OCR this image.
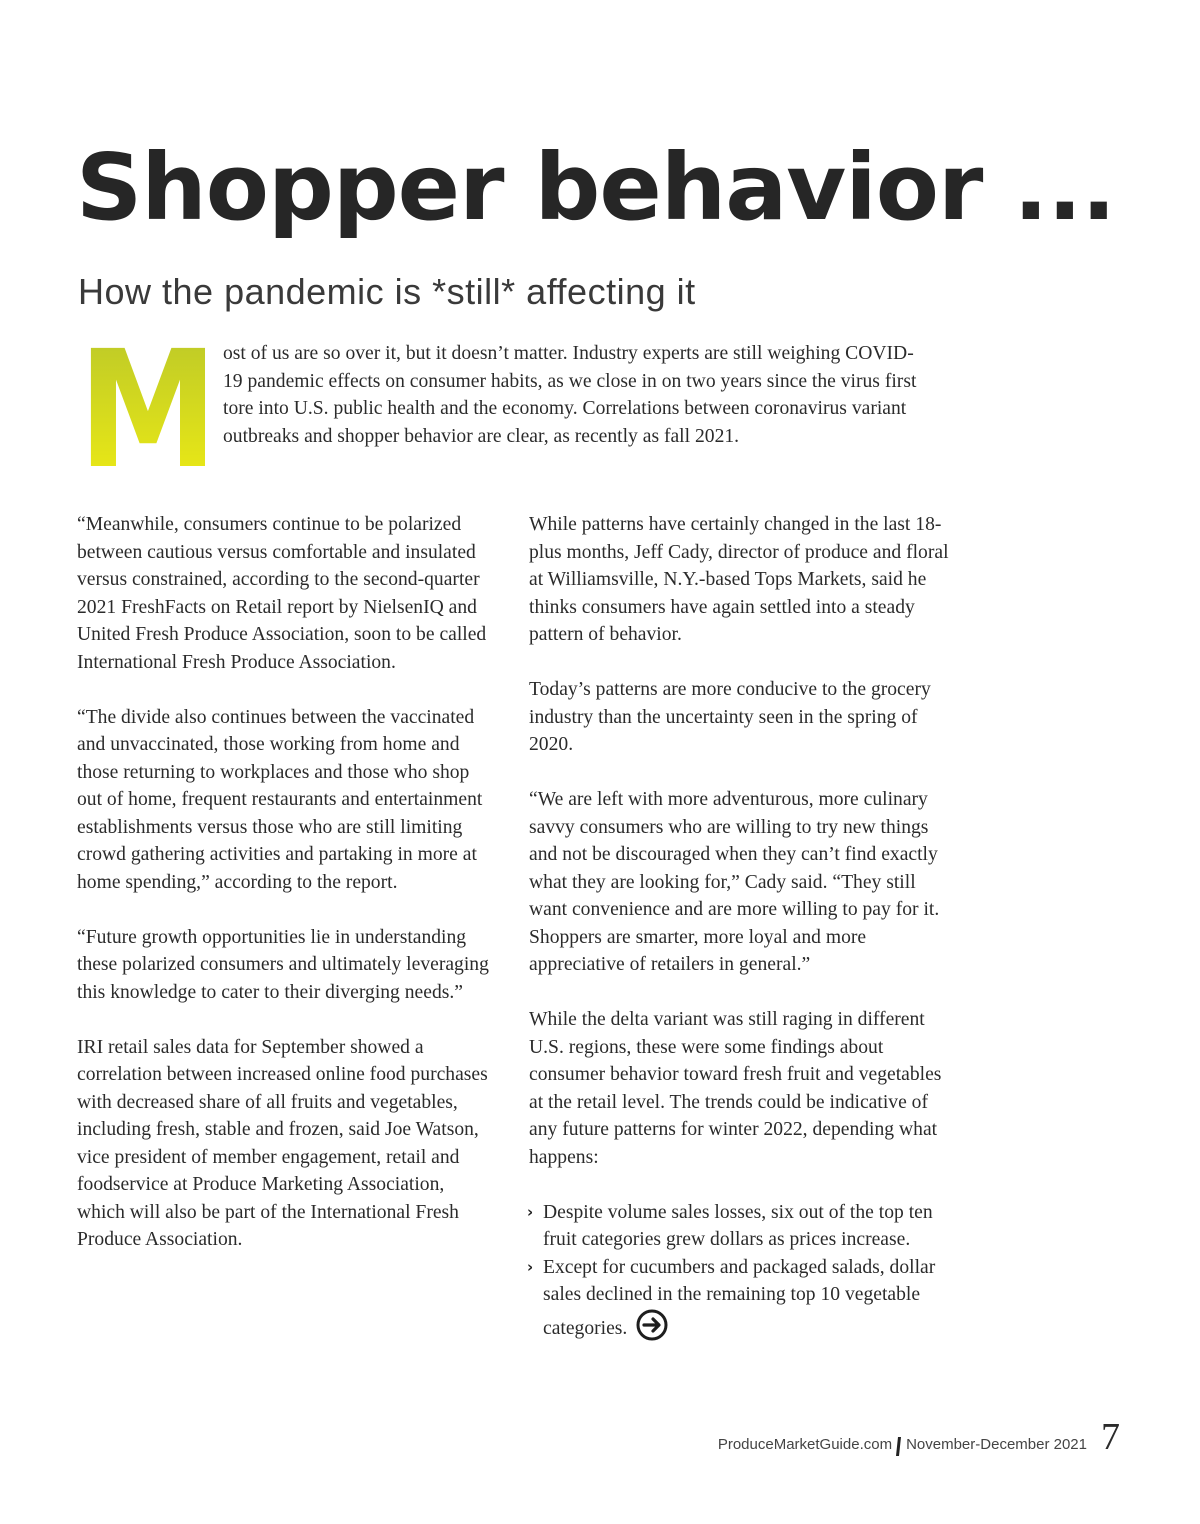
Shopper behavior ...
How the pandemic is *still* affecting it
M ost of us are so over it, but it doesn’t matter. Industry experts are still weighing COVID-19 pandemic effects on consumer habits, as we close in on two years since the virus first tore into U.S. public health and the economy. Correlations between coronavirus variant outbreaks and shopper behavior are clear, as recently as fall 2021.

“Meanwhile, consumers continue to be polarized between cautious versus comfortable and insulated versus constrained, according to the second-quarter 2021 FreshFacts on Retail report by NielsenIQ and United Fresh Produce Association, soon to be called International Fresh Produce Association.

“The divide also continues between the vaccinated and unvaccinated, those working from home and those returning to workplaces and those who shop out of home, frequent restaurants and entertainment establishments versus those who are still limiting crowd gathering activities and partaking in more at home spending,” according to the report.

“Future growth opportunities lie in understanding these polarized consumers and ultimately leveraging this knowledge to cater to their diverging needs.”

IRI retail sales data for September showed a correlation between increased online food purchases with decreased share of all fruits and vegetables, including fresh, stable and frozen, said Joe Watson, vice president of member engagement, retail and foodservice at Produce Marketing Association, which will also be part of the International Fresh Produce Association.

While patterns have certainly changed in the last 18-plus months, Jeff Cady, director of produce and floral at Williamsville, N.Y.-based Tops Markets, said he thinks consumers have again settled into a steady pattern of behavior.

Today’s patterns are more conducive to the grocery industry than the uncertainty seen in the spring of 2020.

“We are left with more adventurous, more culinary savvy consumers who are willing to try new things and not be discouraged when they can’t find exactly what they are looking for,” Cady said. “They still want convenience and are more willing to pay for it. Shoppers are smarter, more loyal and more appreciative of retailers in general.”

While the delta variant was still raging in different U.S. regions, these were some findings about consumer behavior toward fresh fruit and vegetables at the retail level. The trends could be indicative of any future patterns for winter 2022, depending what happens:

› Despite volume sales losses, six out of the top ten fruit categories grew dollars as prices increase.
› Except for cucumbers and packaged salads, dollar sales declined in the remaining top 10 vegetable categories.
ProduceMarketGuide.com November-December 2021 7
